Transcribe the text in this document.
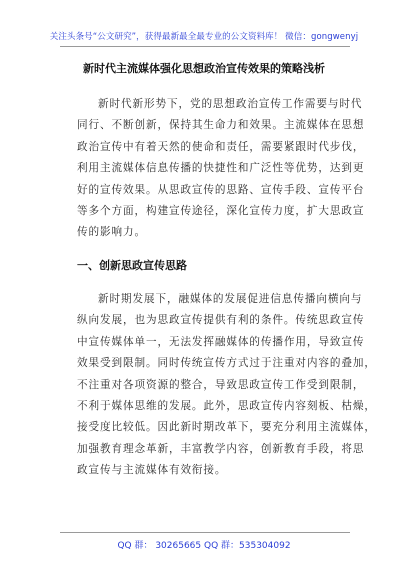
关注头条号“公文研究”，获得最新最全最专业的公文资料库！ 微信：gongwenyj
新时代主流媒体强化思想政治宣传效果的策略浅析
新时代新形势下，党的思想政治宣传工作需要与时代
同行、不断创新，保持其生命力和效果。主流媒体在思想
政治宣传中有着天然的使命和责任，需要紧跟时代步伐，
利用主流媒体信息传播的快捷性和广泛性等优势，达到更
好的宣传效果。从思政宣传的思路、宣传手段、宣传平台
等多个方面，构建宣传途径，深化宣传力度，扩大思政宣
传的影响力。
一、创新思政宣传思路
新时期发展下，融媒体的发展促进信息传播向横向与
纵向发展，也为思政宣传提供有利的条件。传统思政宣传
中宣传媒体单一，无法发挥融媒体的传播作用，导致宣传
效果受到限制。同时传统宣传方式过于注重对内容的叠加，
不注重对各项资源的整合，导致思政宣传工作受到限制，
不利于媒体思维的发展。此外，思政宣传内容刻板、枯燥，
接受度比较低。因此新时期改革下，要充分利用主流媒体，
加强教育理念革新，丰富教学内容，创新教育手段，将思
政宣传与主流媒体有效衔接。
QQ 群： 30265665 QQ 群：535304092
